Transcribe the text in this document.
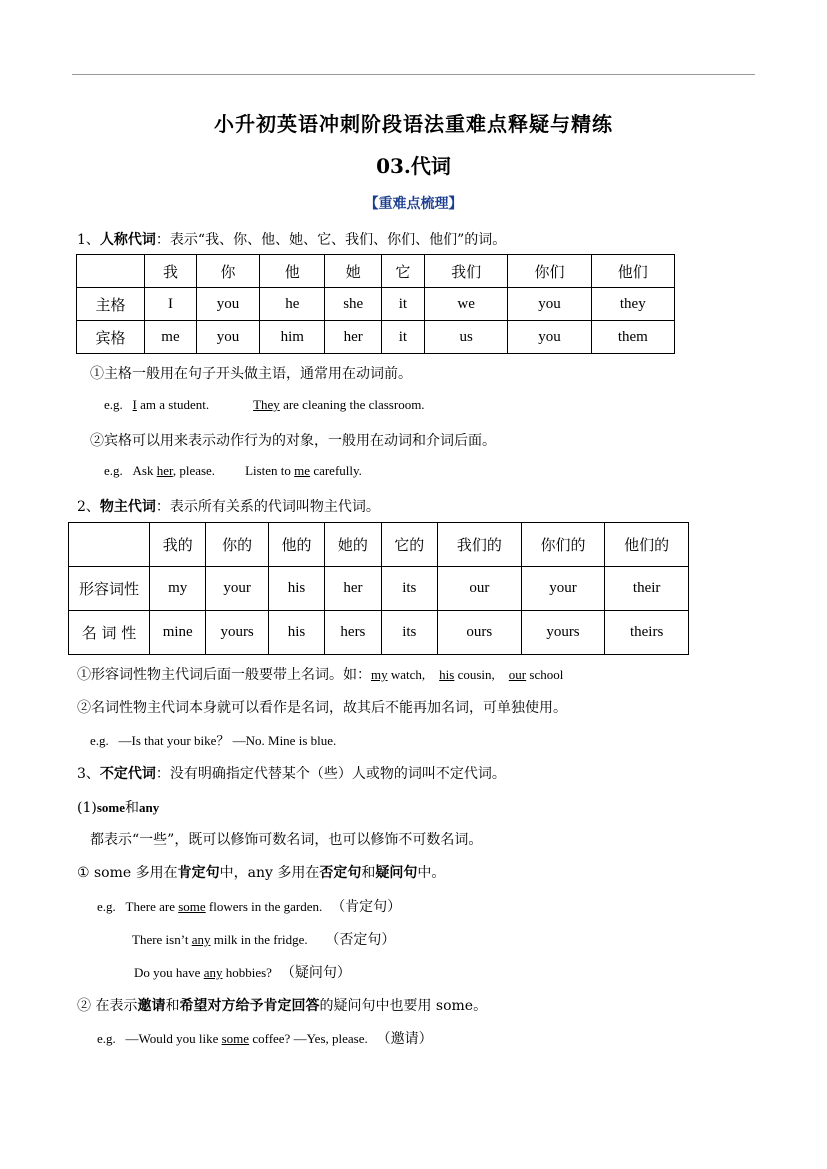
小升初英语冲刺阶段语法重难点释疑与精练
03.代词
【重难点梳理】
1、人称代词：表示“我、你、他、她、它、我们、你们、他们”的词。
	我	你	他	她	它	我们	你们	他们
主格	I	you	he	she	it	we	you	they
宾格	me	you	him	her	it	us	you	them
①主格一般用在句子开头做主语，通常用在动词前。
e.g. I am a student.	They are cleaning the classroom.
②宾格可以用来表示动作行为的对象，一般用在动词和介词后面。
e.g. Ask her, please. Listen to me carefully.
2、物主代词：表示所有关系的代词叫物主代词。
	我的	你的	他的	她的	它的	我们的	你们的	他们的
形容词性	my	your	his	her	its	our	your	their
名 词 性	mine	yours	his	hers	its	ours	yours	theirs
①形容词性物主代词后面一般要带上名词。如：my watch, his cousin, our school
②名词性物主代词本身就可以看作是名词，故其后不能再加名词，可单独使用。
e.g. —Is that your bike？ —No. Mine is blue.
3、不定代词：没有明确指定代替某个（些）人或物的词叫不定代词。
(1)some和any
都表示“一些”，既可以修饰可数名词，也可以修饰不可数名词。
① some 多用在肯定句中，any 多用在否定句和疑问句中。
e.g. There are some flowers in the garden. （肯定句）
There isn’t any milk in the fridge. （否定句）
Do you have any hobbies? （疑问句）
② 在表示邀请和希望对方给予肯定回答的疑问句中也要用 some。
e.g. —Would you like some coffee? —Yes, please. （邀请）
